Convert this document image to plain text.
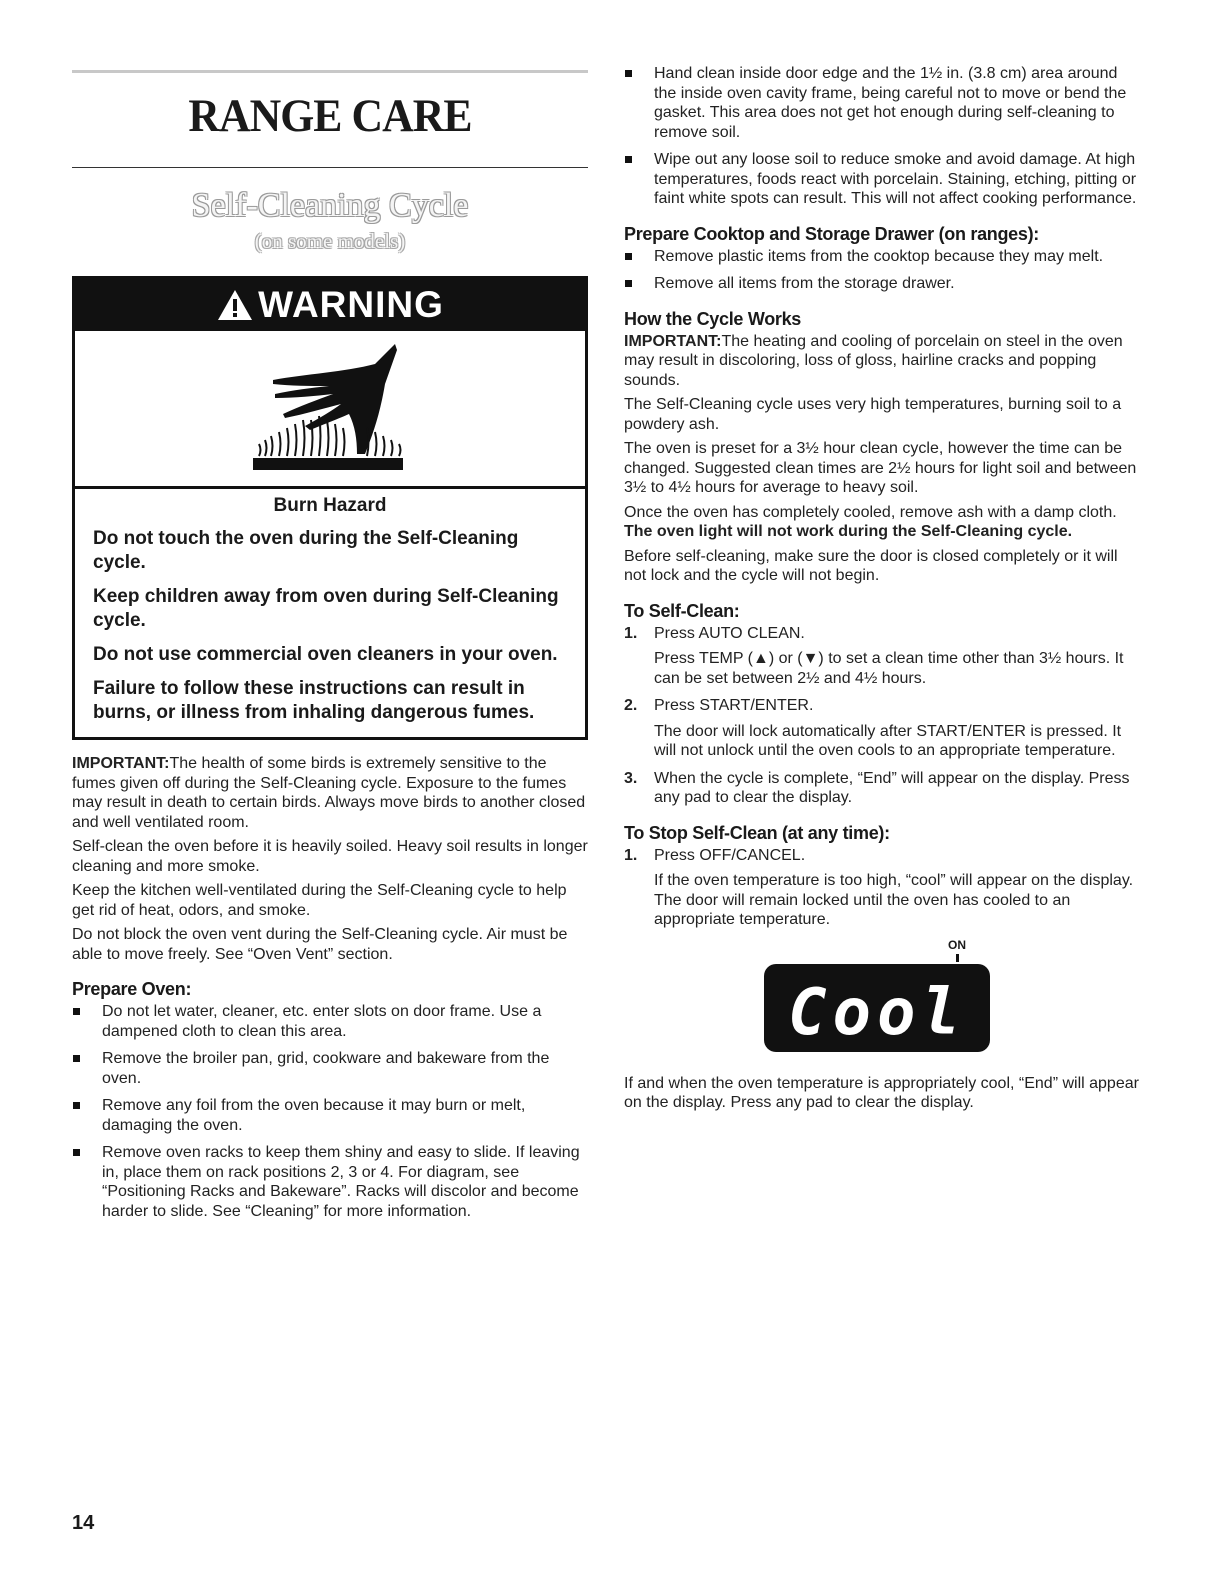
RANGE CARE
Self-Cleaning Cycle
(on some models)
WARNING
Burn Hazard

Do not touch the oven during the Self-Cleaning cycle.

Keep children away from oven during Self-Cleaning cycle.

Do not use commercial oven cleaners in your oven.

Failure to follow these instructions can result in burns, or illness from inhaling dangerous fumes.

IMPORTANT:The health of some birds is extremely sensitive to the fumes given off during the Self-Cleaning cycle. Exposure to the fumes may result in death to certain birds. Always move birds to another closed and well ventilated room.

Self-clean the oven before it is heavily soiled. Heavy soil results in longer cleaning and more smoke.

Keep the kitchen well-ventilated during the Self-Cleaning cycle to help get rid of heat, odors, and smoke.

Do not block the oven vent during the Self-Cleaning cycle. Air must be able to move freely. See “Oven Vent” section.

Prepare Oven:
Do not let water, cleaner, etc. enter slots on door frame. Use a dampened cloth to clean this area.
Remove the broiler pan, grid, cookware and bakeware from the oven.
Remove any foil from the oven because it may burn or melt, damaging the oven.
Remove oven racks to keep them shiny and easy to slide. If leaving in, place them on rack positions 2, 3 or 4. For diagram, see “Positioning Racks and Bakeware”. Racks will discolor and become harder to slide. See “Cleaning” for more information.
Hand clean inside door edge and the 1½ in. (3.8 cm) area around the inside oven cavity frame, being careful not to move or bend the gasket. This area does not get hot enough during self-cleaning to remove soil.
Wipe out any loose soil to reduce smoke and avoid damage. At high temperatures, foods react with porcelain. Staining, etching, pitting or faint white spots can result. This will not affect cooking performance.
Prepare Cooktop and Storage Drawer (on ranges):
Remove plastic items from the cooktop because they may melt.
Remove all items from the storage drawer.
How the Cycle Works

IMPORTANT:The heating and cooling of porcelain on steel in the oven may result in discoloring, loss of gloss, hairline cracks and popping sounds.

The Self-Cleaning cycle uses very high temperatures, burning soil to a powdery ash.

The oven is preset for a 3½ hour clean cycle, however the time can be changed. Suggested clean times are 2½ hours for light soil and between 3½ to 4½ hours for average to heavy soil.

Once the oven has completely cooled, remove ash with a damp cloth. The oven light will not work during the Self-Cleaning cycle.

Before self-cleaning, make sure the door is closed completely or it will not lock and the cycle will not begin.

To Self-Clean:
1. Press AUTO CLEAN.
Press TEMP (▲) or (▼) to set a clean time other than 3½ hours. It can be set between 2½ and 4½ hours.
2. Press START/ENTER.
The door will lock automatically after START/ENTER is pressed. It will not unlock until the oven cools to an appropriate temperature.
3. When the cycle is complete, “End” will appear on the display. Press any pad to clear the display.
To Stop Self-Clean (at any time):
1. Press OFF/CANCEL.
If the oven temperature is too high, “cool” will appear on the display. The door will remain locked until the oven has cooled to an appropriate temperature.
ON
Cool

If and when the oven temperature is appropriately cool, “End” will appear on the display. Press any pad to clear the display.

14
